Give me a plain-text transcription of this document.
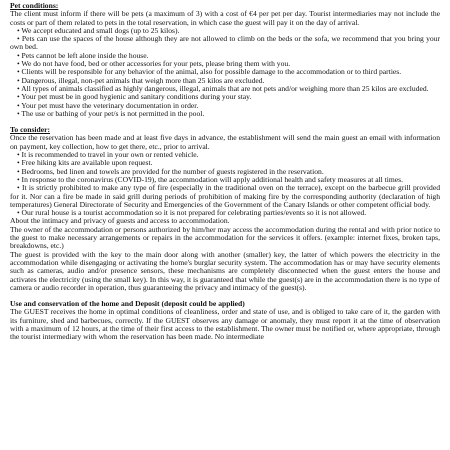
Pet conditions:

The client must inform if there will be pets (a maximum of 3) with a cost of €4 per pet per day. Tourist intermediaries may not include the costs or part of them related to pets in the total reservation, in which case the guest will pay it on the day of arrival.

• We accept educated and small dogs (up to 25 kilos).

• Pets can use the spaces of the house although they are not allowed to climb on the beds or the sofa, we recommend that you bring your own bed.

• Pets cannot be left alone inside the house.

• We do not have food, bed or other accessories for your pets, please bring them with you.

• Clients will be responsible for any behavior of the animal, also for possible damage to the accommodation or to third parties.

• Dangerous, illegal, non-pet animals that weigh more than 25 kilos are excluded.

• All types of animals classified as highly dangerous, illegal, animals that are not pets and/or weighing more than 25 kilos are excluded.

• Your pet must be in good hygienic and sanitary conditions during your stay.

• Your pet must have the veterinary documentation in order.

• The use or bathing of your pet/s is not permitted in the pool.

To consider:

Once the reservation has been made and at least five days in advance, the establishment will send the main guest an email with information on payment, key collection, how to get there, etc., prior to arrival.

• It is recommended to travel in your own or rented vehicle.

• Free hiking kits are available upon request.

• Bedrooms, bed linen and towels are provided for the number of guests registered in the reservation.

• In response to the coronavirus (COVID-19), the accommodation will apply additional health and safety measures at all times.

• It is strictly prohibited to make any type of fire (especially in the traditional oven on the terrace), except on the barbecue grill provided for it. Nor can a fire be made in said grill during periods of prohibition of making fire by the corresponding authority (declaration of high temperatures) General Directorate of Security and Emergencies of the Government of the Canary Islands or other competent official body.

• Our rural house is a tourist accommodation so it is not prepared for celebrating parties/events so it is not allowed.

About the intimacy and privacy of guests and access to accommodation.

The owner of the accommodation or persons authorized by him/her may access the accommodation during the rental and with prior notice to the guest to make necessary arrangements or repairs in the accommodation for the services it offers. (example: internet fixes, broken taps, breakdowns, etc.)

The guest is provided with the key to the main door along with another (smaller) key, the latter of which powers the electricity in the accommodation while disengaging or activating the home's burglar security system. The accommodation has or may have security elements such as cameras, audio and/or presence sensors, these mechanisms are completely disconnected when the guest enters the house and activates the electricity (using the small key). In this way, it is guaranteed that while the guest(s) are in the accommodation there is no type of camera or audio recorder in operation, thus guaranteeing the privacy and intimacy of the guest(s).

Use and conservation of the home and Deposit (deposit could be applied)

The GUEST receives the home in optimal conditions of cleanliness, order and state of use, and is obliged to take care of it, the garden with its furniture, shed and barbecues, correctly. If the GUEST observes any damage or anomaly, they must report it at the time of observation with a maximum of 12 hours, at the time of their first access to the establishment. The owner must be notified or, where appropriate, through the tourist intermediary with whom the reservation has been made. No intermediate
